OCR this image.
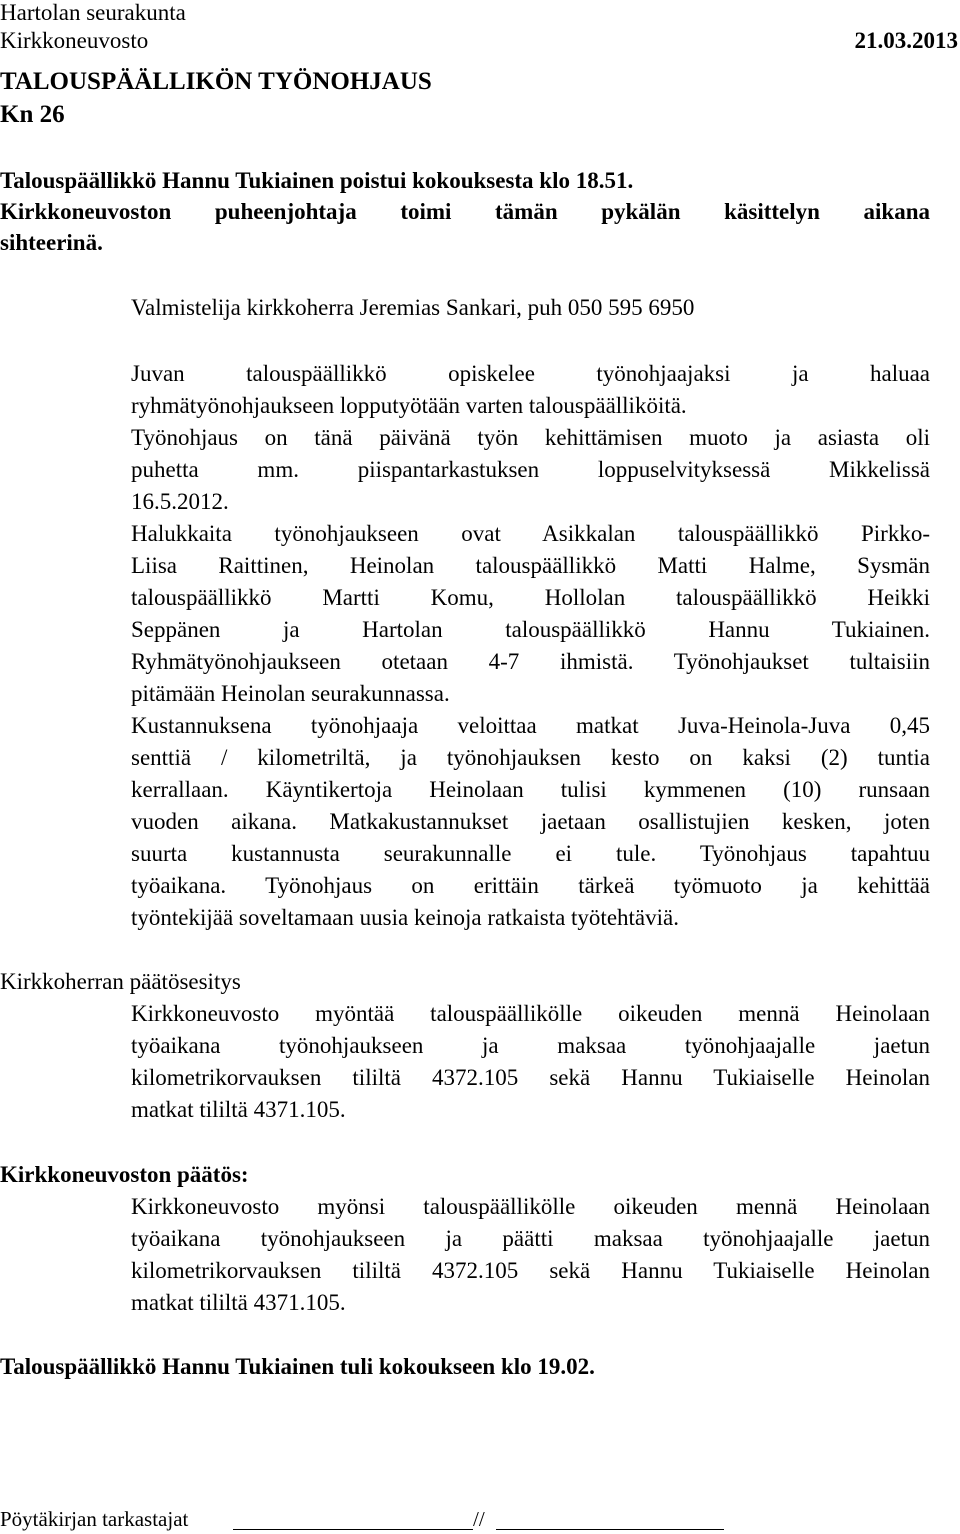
Hartolan seurakunta
Kirkkoneuvosto	21.03.2013
TALOUSPÄÄLLIKÖN TYÖNOHJAUS
Kn 26
Talouspäällikkö Hannu Tukiainen poistui kokouksesta klo 18.51.
Kirkkoneuvoston puheenjohtaja toimi tämän pykälän käsittelyn aikana
sihteerinä.
Valmistelija kirkkoherra Jeremias Sankari, puh 050 595 6950
Juvan talouspäällikkö opiskelee työnohjaajaksi ja haluaa
ryhmätyönohjaukseen lopputyötään varten talouspäälliköitä.
Työnohjaus on tänä päivänä työn kehittämisen muoto ja asiasta oli
puhetta mm. piispantarkastuksen loppuselvityksessä Mikkelissä
16.5.2012.
Halukkaita työnohjaukseen ovat Asikkalan talouspäällikkö Pirkko-
Liisa Raittinen, Heinolan talouspäällikkö Matti Halme, Sysmän
talouspäällikkö Martti Komu, Hollolan talouspäällikkö Heikki
Seppänen ja Hartolan talouspäällikkö Hannu Tukiainen.
Ryhmätyönohjaukseen otetaan 4-7 ihmistä. Työnohjaukset tultaisiin
pitämään Heinolan seurakunnassa.
Kustannuksena työnohjaaja veloittaa matkat Juva-Heinola-Juva 0,45
senttiä / kilometriltä, ja työnohjauksen kesto on kaksi (2) tuntia
kerrallaan. Käyntikertoja Heinolaan tulisi kymmenen (10) runsaan
vuoden aikana. Matkakustannukset jaetaan osallistujien kesken, joten
suurta kustannusta seurakunnalle ei tule. Työnohjaus tapahtuu
työaikana. Työnohjaus on erittäin tärkeä työmuoto ja kehittää
työntekijää soveltamaan uusia keinoja ratkaista työtehtäviä.
Kirkkoherran päätösesitys
Kirkkoneuvosto myöntää talouspäällikölle oikeuden mennä Heinolaan
työaikana työnohjaukseen ja maksaa työnohjaajalle jaetun
kilometrikorvauksen tililtä 4372.105 sekä Hannu Tukiaiselle Heinolan
matkat tililtä 4371.105.
Kirkkoneuvoston päätös:
Kirkkoneuvosto myönsi talouspäällikölle oikeuden mennä Heinolaan
työaikana työnohjaukseen ja päätti maksaa työnohjaajalle jaetun
kilometrikorvauksen tililtä 4372.105 sekä Hannu Tukiaiselle Heinolan
matkat tililtä 4371.105.
Talouspäällikkö Hannu Tukiainen tuli kokoukseen klo 19.02.
Pöytäkirjan tarkastajat	//
